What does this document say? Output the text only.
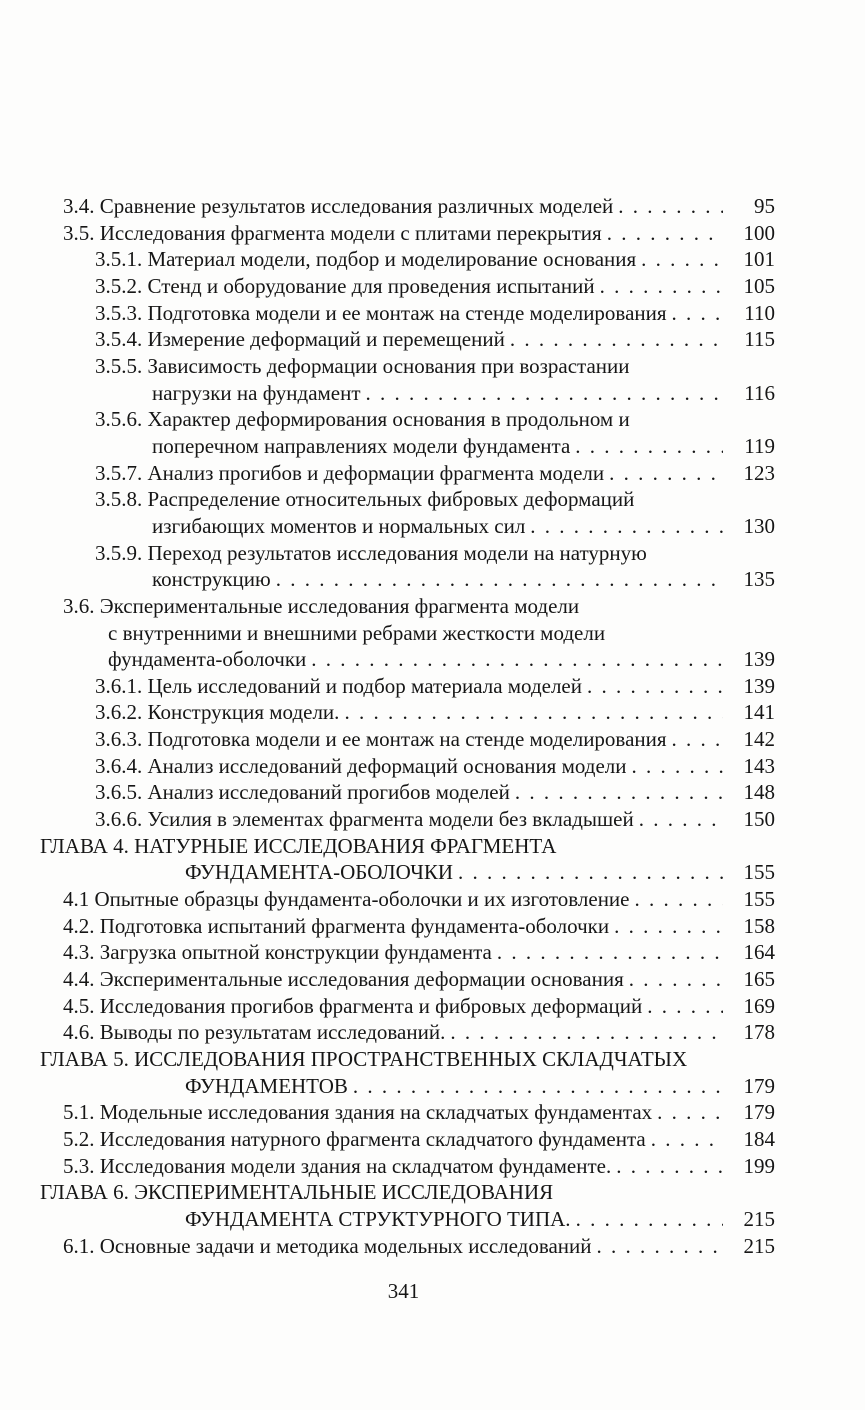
3.4. Сравнение результатов исследования различных моделей . . .	95
3.5. Исследования фрагмента модели с плитами перекрытия . . .	100
3.5.1. Материал модели, подбор и моделирование основания . . .	101
3.5.2. Стенд и оборудование для проведения испытаний . . .	105
3.5.3. Подготовка модели и ее монтаж на стенде моделирования . . .	110
3.5.4. Измерение деформаций и перемещений . . .	115
3.5.5. Зависимость деформации основания при возрастании
нагрузки на фундамент . . .	116
3.5.6. Характер деформирования основания в продольном и
поперечном направлениях модели фундамента . . .	119
3.5.7. Анализ прогибов и деформации фрагмента модели . . .	123
3.5.8. Распределение относительных фибровых деформаций
изгибающих моментов и нормальных сил . . .	130
3.5.9. Переход результатов исследования модели на натурную
конструкцию . . .	135
3.6. Экспериментальные исследования фрагмента модели
с внутренними и внешними ребрами жесткости модели
фундамента-оболочки . . .	139
3.6.1. Цель исследований и подбор материала моделей . . .	139
3.6.2. Конструкция модели. . . .	141
3.6.3. Подготовка модели и ее монтаж на стенде моделирования . . .	142
3.6.4. Анализ исследований деформаций основания модели . . .	143
3.6.5. Анализ исследований прогибов моделей . . .	148
3.6.6. Усилия в элементах фрагмента модели без вкладышей . . .	150
ГЛАВА 4. НАТУРНЫЕ ИССЛЕДОВАНИЯ ФРАГМЕНТА
ФУНДАМЕНТА-ОБОЛОЧКИ . . .	155
4.1 Опытные образцы фундамента-оболочки и их изготовление . . .	155
4.2. Подготовка испытаний фрагмента фундамента-оболочки . . .	158
4.3. Загрузка опытной конструкции фундамента . . .	164
4.4. Экспериментальные исследования деформации основания . . .	165
4.5. Исследования прогибов фрагмента и фибровых деформаций . . .	169
4.6. Выводы по результатам исследований. . . .	178
ГЛАВА 5. ИССЛЕДОВАНИЯ ПРОСТРАНСТВЕННЫХ СКЛАДЧАТЫХ
ФУНДАМЕНТОВ . . .	179
5.1. Модельные исследования здания на складчатых фундаментах . . .	179
5.2. Исследования натурного фрагмента складчатого фундамента . . .	184
5.3. Исследования модели здания на складчатом фундаменте. . . .	199
ГЛАВА 6. ЭКСПЕРИМЕНТАЛЬНЫЕ ИССЛЕДОВАНИЯ
ФУНДАМЕНТА СТРУКТУРНОГО ТИПА. . . .	215
6.1. Основные задачи и методика модельных исследований . . .	215
341
